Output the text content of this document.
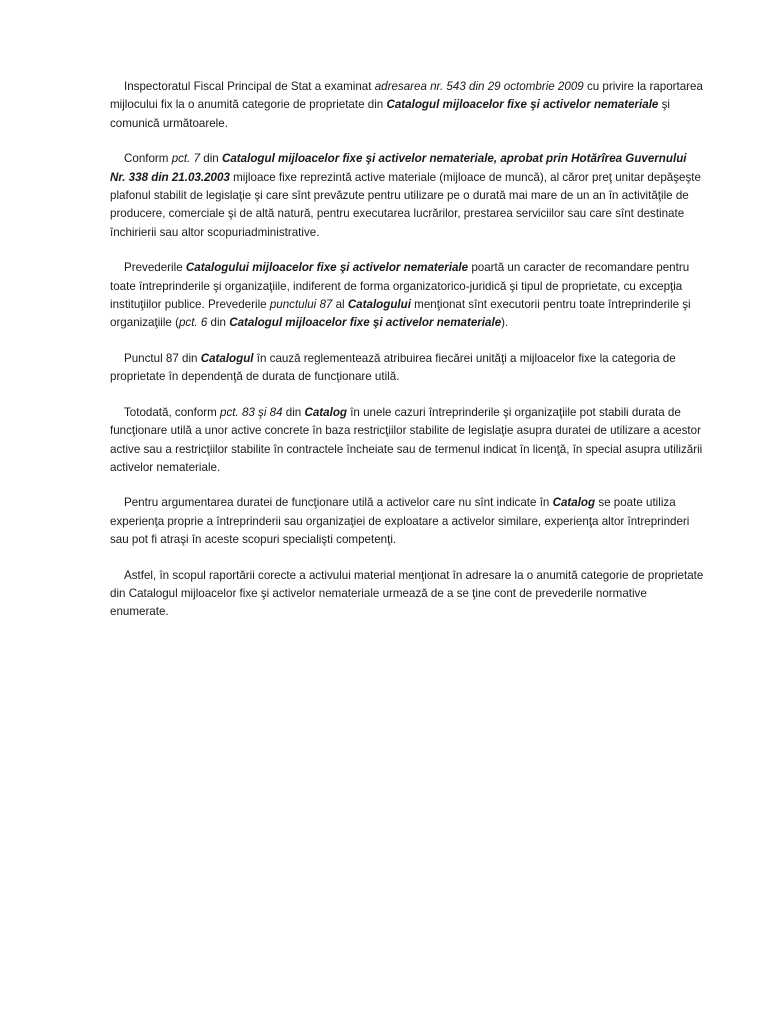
Inspectoratul Fiscal Principal de Stat a examinat adresarea nr. 543 din 29 octombrie 2009 cu privire la raportarea mijlocului fix la o anumită categorie de proprietate din Catalogul mijloacelor fixe şi activelor nemateriale şi comunică următoarele.

Conform pct. 7 din Catalogul mijloacelor fixe şi activelor nemateriale, aprobat prin Hotărîrea Guvernului Nr. 338 din 21.03.2003 mijloace fixe reprezintă active materiale (mijloace de muncă), al căror preţ unitar depăşeşte plafonul stabilit de legislaţie şi care sînt prevăzute pentru utilizare pe o durată mai mare de un an în activităţile de producere, comerciale şi de altă natură, pentru executarea lucrărilor, prestarea serviciilor sau care sînt destinate închirierii sau altor scopuriadministrative.

Prevederile Catalogului mijloacelor fixe şi activelor nemateriale poartă un caracter de recomandare pentru toate întreprinderile şi organizaţiile, indiferent de forma organizatorico-juridică şi tipul de proprietate, cu excepţia instituţiilor publice. Prevederile punctului 87 al Catalogului menţionat sînt executorii pentru toate întreprinderile şi organizaţiile (pct. 6 din Catalogul mijloacelor fixe şi activelor nemateriale).

Punctul 87 din Catalogul în cauză reglementează atribuirea fiecărei unităţi a mijloacelor fixe la categoria de proprietate în dependenţă de durata de funcţionare utilă.

Totodată, conform pct. 83 şi 84 din Catalog în unele cazuri întreprinderile şi organizaţiile pot stabili durata de funcţionare utilă a unor active concrete în baza restricţiilor stabilite de legislaţie asupra duratei de utilizare a acestor active sau a restricţiilor stabilite în contractele încheiate sau de termenul indicat în licenţă, în special asupra utilizării activelor nemateriale.

Pentru argumentarea duratei de funcţionare utilă a activelor care nu sînt indicate în Catalog se poate utiliza experienţa proprie a întreprinderii sau organizaţiei de exploatare a activelor similare, experienţa altor întreprinderi sau pot fi atraşi în aceste scopuri specialişti competenţi.

Astfel, în scopul raportării corecte a activului material menţionat în adresare la o anumită categorie de proprietate din Catalogul mijloacelor fixe şi activelor nemateriale urmează de a se ţine cont de prevederile normative enumerate.
